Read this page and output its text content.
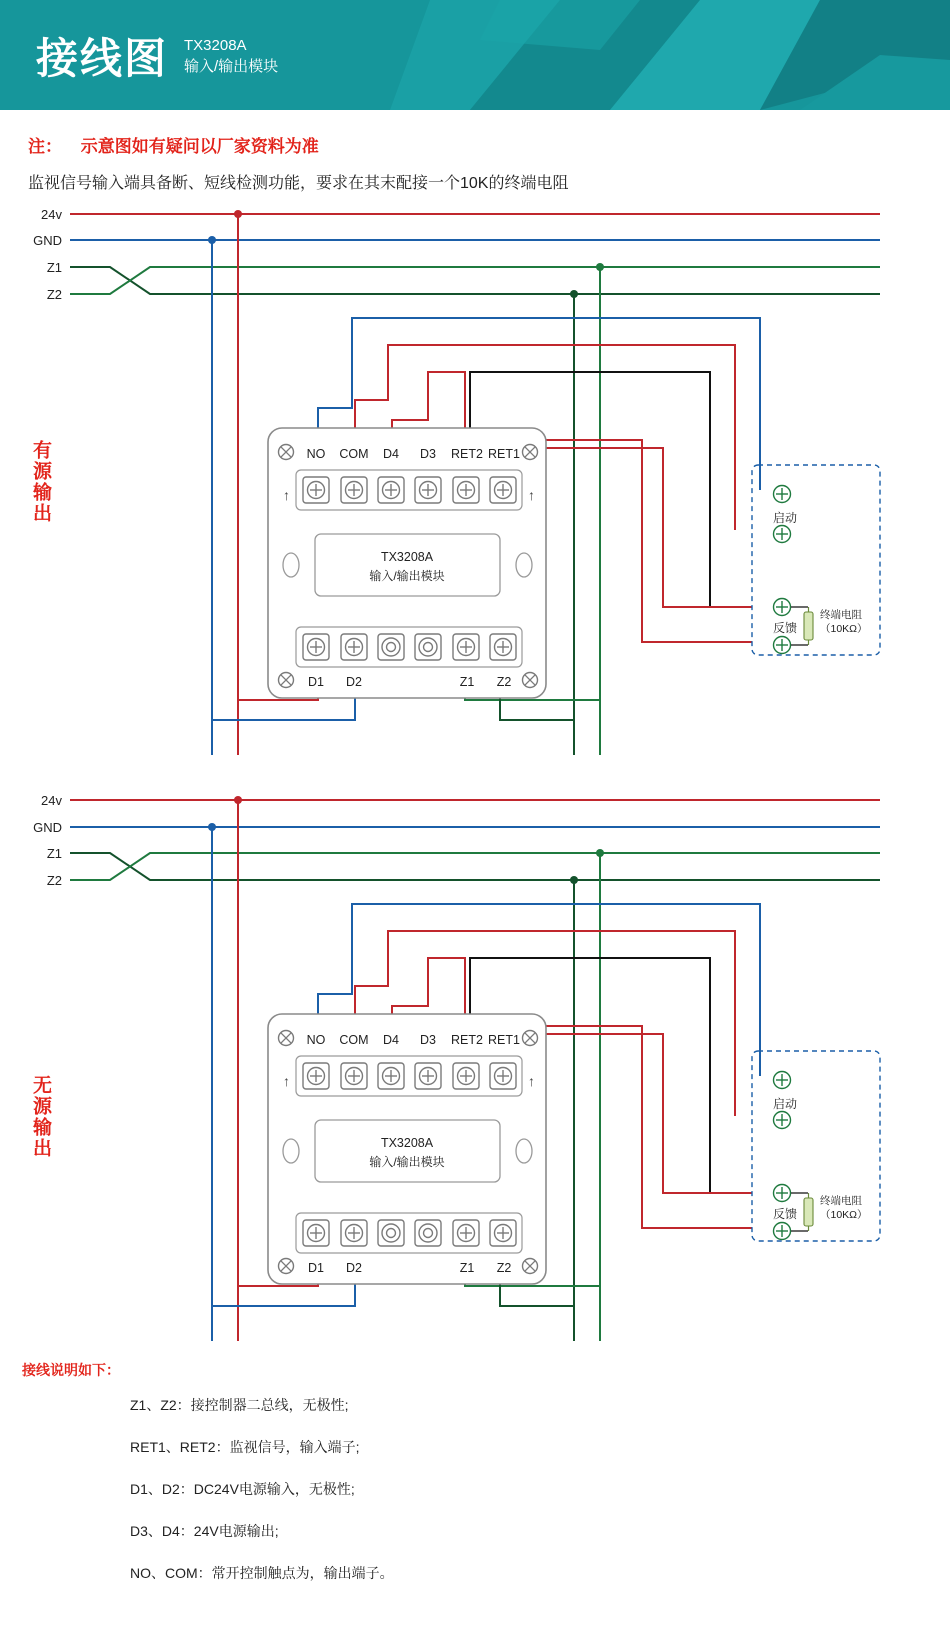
接线图 TX3208A
输入/输出模块
注： 示意图如有疑问以厂家资料为准
监视信号输入端具备断、短线检测功能，要求在其末配接一个10K的终端电阻
有源输出
无源输出
24v
GND
Z1
Z2
NO COM D4 D3 RET2 RET1
↑	↑
TX3208A
输入/输出模块
D1 D2	Z1 Z2
启动
反馈
终端电阻
（10KΩ）
24v
GND
Z1
Z2
NO COM D4 D3 RET2 RET1
↑	↑
TX3208A
输入/输出模块
D1 D2	Z1 Z2
启动
反馈
终端电阻
（10KΩ）
接线说明如下：
Z1、Z2：接控制器二总线，无极性;
RET1、RET2：监视信号，输入端子;
D1、D2：DC24V电源输入，无极性;
D3、D4：24V电源输出;
NO、COM：常开控制触点为，输出端子。
